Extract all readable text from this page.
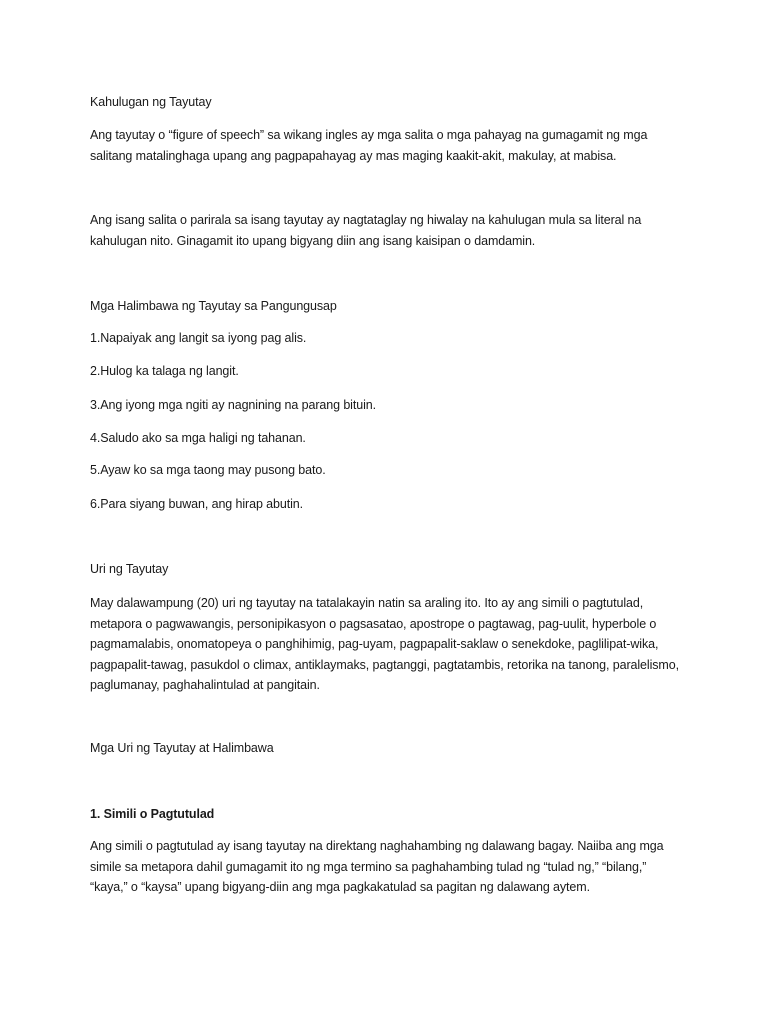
Kahulugan ng Tayutay

Ang tayutay o “figure of speech” sa wikang ingles ay mga salita o mga pahayag na gumagamit ng mga salitang matalinghaga upang ang pagpapahayag ay mas maging kaakit-akit, makulay, at mabisa.

Ang isang salita o parirala sa isang tayutay ay nagtataglay ng hiwalay na kahulugan mula sa literal na kahulugan nito. Ginagamit ito upang bigyang diin ang isang kaisipan o damdamin.

Mga Halimbawa ng Tayutay sa Pangungusap

1.Napaiyak ang langit sa iyong pag alis.

2.Hulog ka talaga ng langit.

3.Ang iyong mga ngiti ay nagnining na parang bituin.

4.Saludo ako sa mga haligi ng tahanan.

5.Ayaw ko sa mga taong may pusong bato.

6.Para siyang buwan, ang hirap abutin.

Uri ng Tayutay

May dalawampung (20) uri ng tayutay na tatalakayin natin sa araling ito. Ito ay ang simili o pagtutulad, metapora o pagwawangis, personipikasyon o pagsasatao, apostrope o pagtawag, pag-uulit, hyperbole o pagmamalabis, onomatopeya o panghihimig, pag-uyam, pagpapalit-saklaw o senekdoke, paglilipat-wika, pagpapalit-tawag, pasukdol o climax, antiklaymaks, pagtanggi, pagtatambis, retorika na tanong, paralelismo, paglumanay, paghahalintulad at pangitain.

Mga Uri ng Tayutay at Halimbawa

1. Simili o Pagtutulad

Ang simili o pagtutulad ay isang tayutay na direktang naghahambing ng dalawang bagay. Naiiba ang mga simile sa metapora dahil gumagamit ito ng mga termino sa paghahambing tulad ng “tulad ng,” “bilang,” “kaya,” o “kaysa” upang bigyang-diin ang mga pagkakatulad sa pagitan ng dalawang aytem.
